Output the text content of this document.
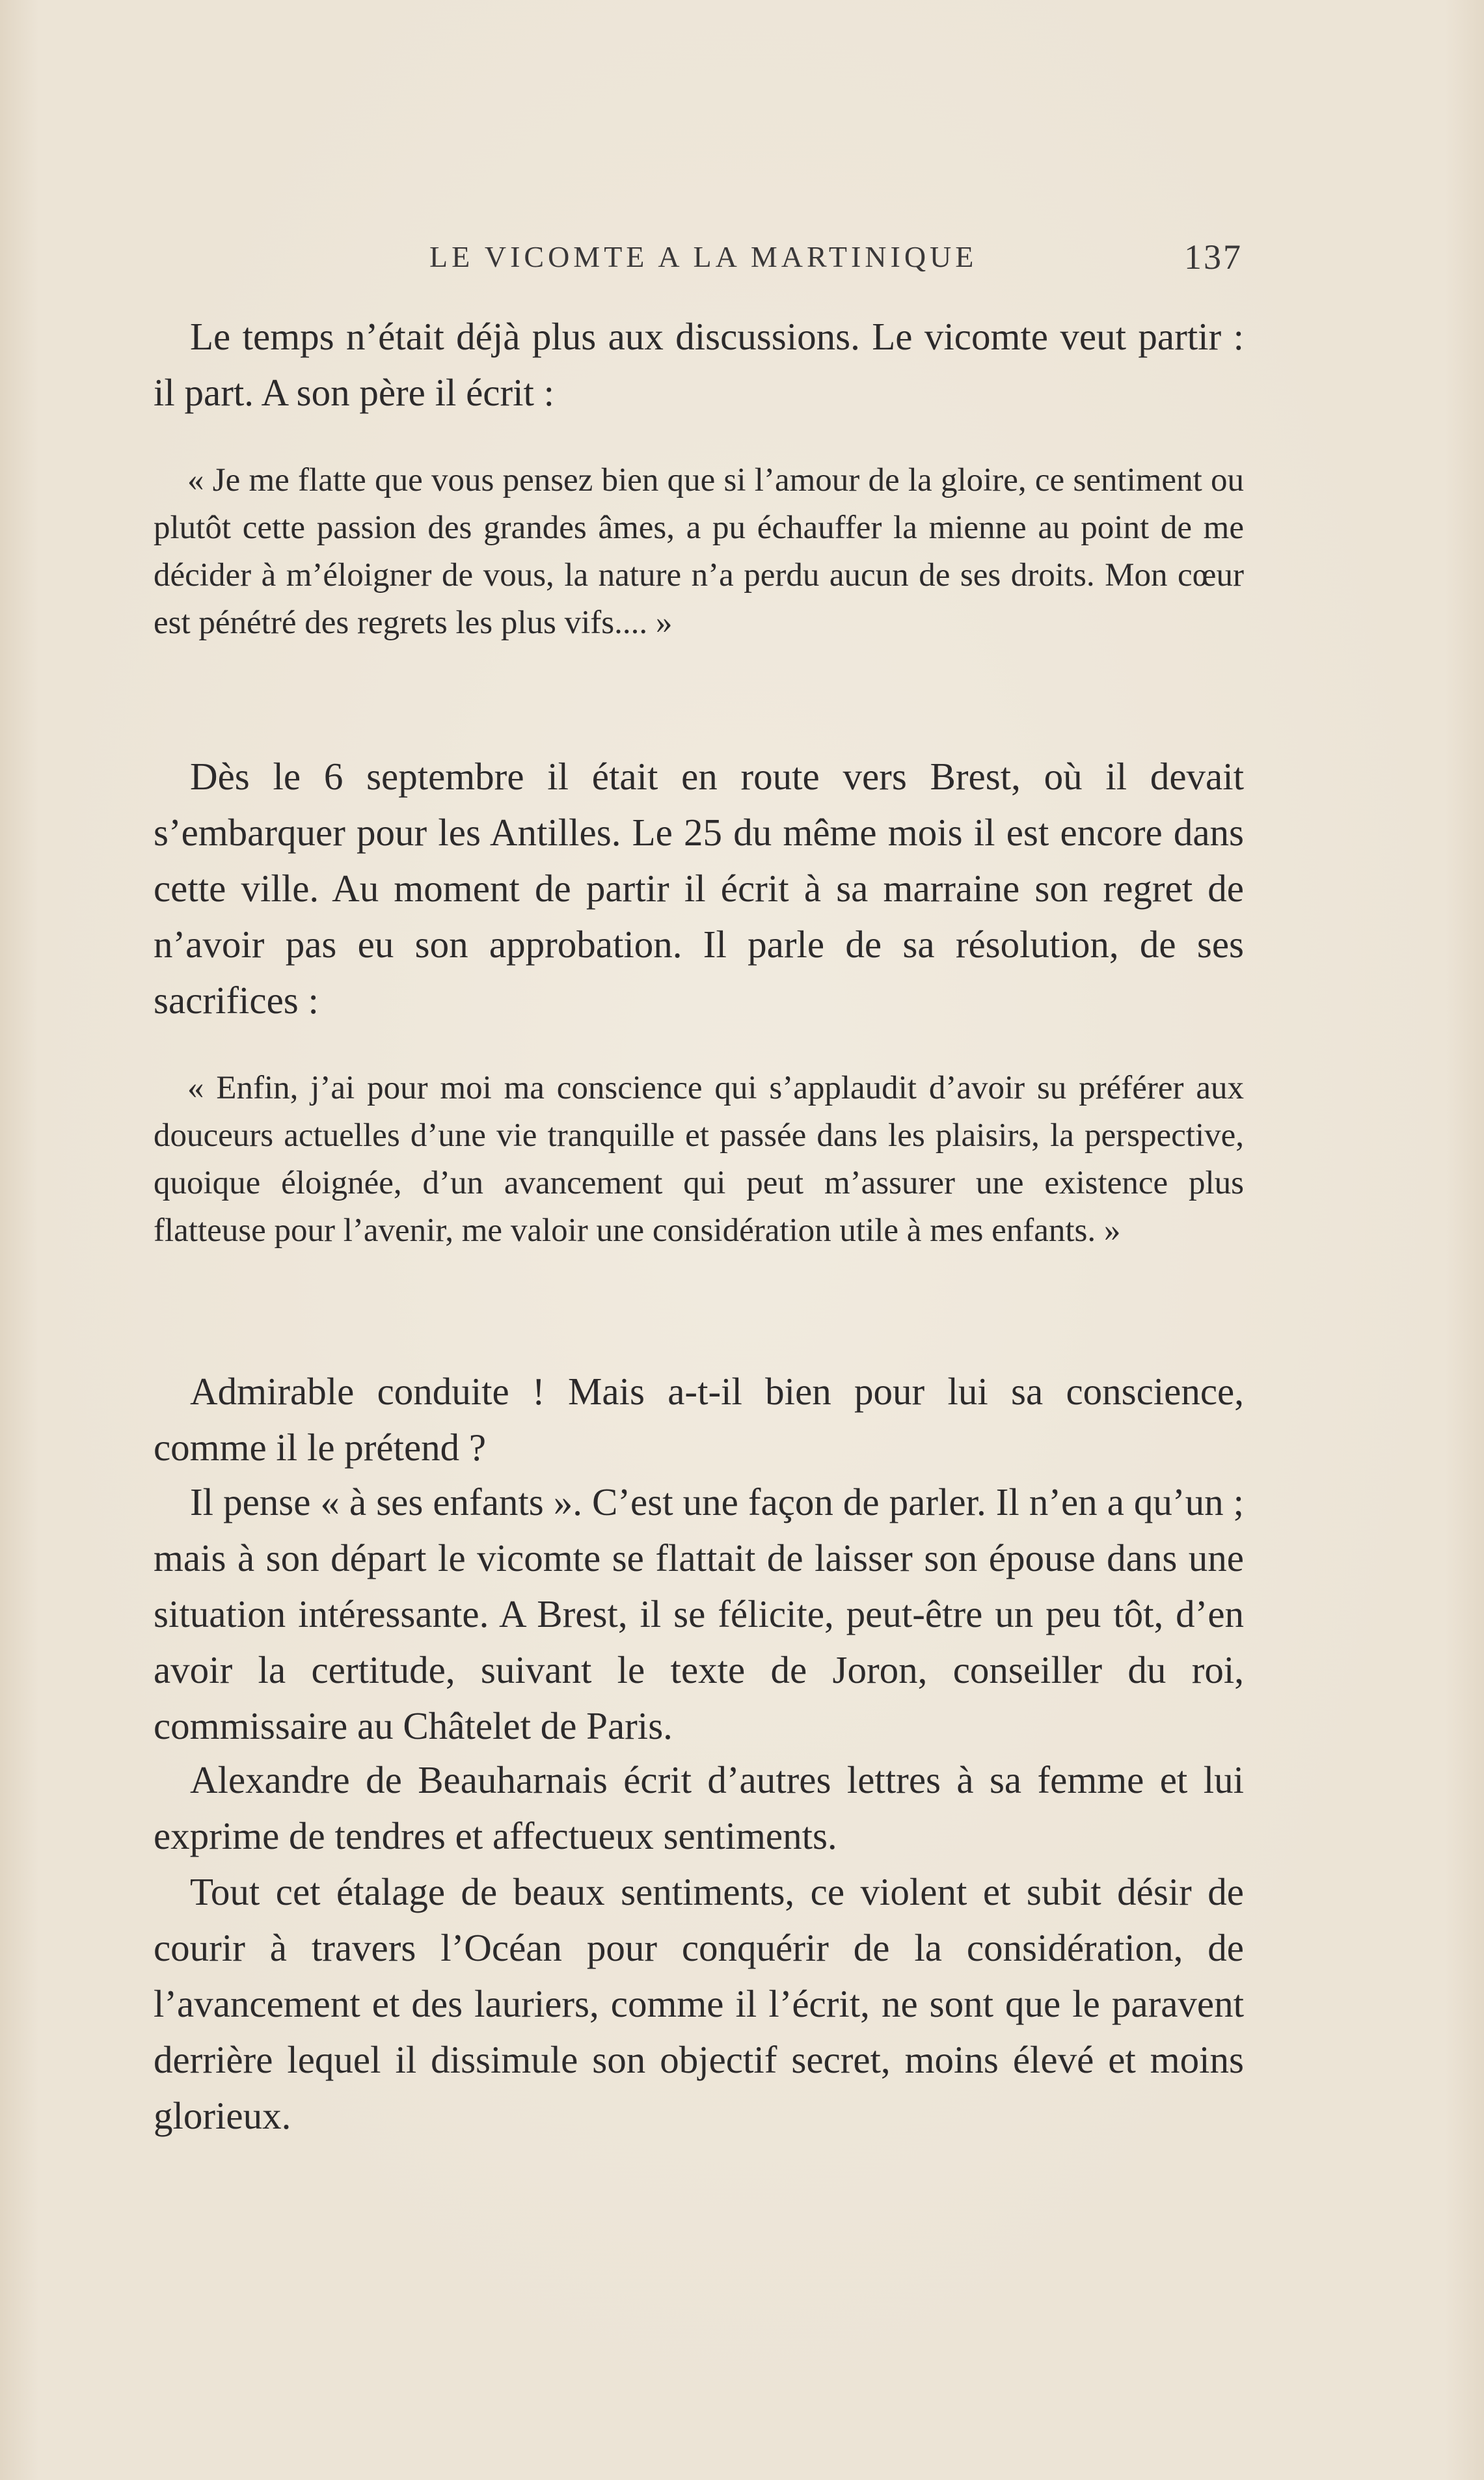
LE VICOMTE A LA MARTINIQUE	137

Le temps n’était déjà plus aux discussions. Le vicomte veut partir : il part. A son père il écrit :

« Je me flatte que vous pensez bien que si l’amour de la gloire, ce sentiment ou plutôt cette passion des grandes âmes, a pu échauffer la mienne au point de me décider à m’éloigner de vous, la nature n’a perdu aucun de ses droits. Mon cœur est pénétré des regrets les plus vifs.... »

Dès le 6 septembre il était en route vers Brest, où il devait s’embarquer pour les Antilles. Le 25 du même mois il est encore dans cette ville. Au moment de partir il écrit à sa marraine son regret de n’avoir pas eu son approbation. Il parle de sa résolution, de ses sacrifices :

« Enfin, j’ai pour moi ma conscience qui s’applaudit d’avoir su préférer aux douceurs actuelles d’une vie tranquille et passée dans les plaisirs, la perspective, quoique éloignée, d’un avancement qui peut m’assurer une existence plus flatteuse pour l’avenir, me valoir une considération utile à mes enfants. »

Admirable conduite ! Mais a-t-il bien pour lui sa conscience, comme il le prétend ?

Il pense « à ses enfants ». C’est une façon de parler. Il n’en a qu’un ; mais à son départ le vicomte se flattait de laisser son épouse dans une situation intéressante. A Brest, il se félicite, peut-être un peu tôt, d’en avoir la certitude, suivant le texte de Joron, conseiller du roi, commissaire au Châtelet de Paris.

Alexandre de Beauharnais écrit d’autres lettres à sa femme et lui exprime de tendres et affectueux sentiments.

Tout cet étalage de beaux sentiments, ce violent et subit désir de courir à travers l’Océan pour conquérir de la considération, de l’avancement et des lauriers, comme il l’écrit, ne sont que le paravent derrière lequel il dissimule son objectif secret, moins élevé et moins glorieux.
